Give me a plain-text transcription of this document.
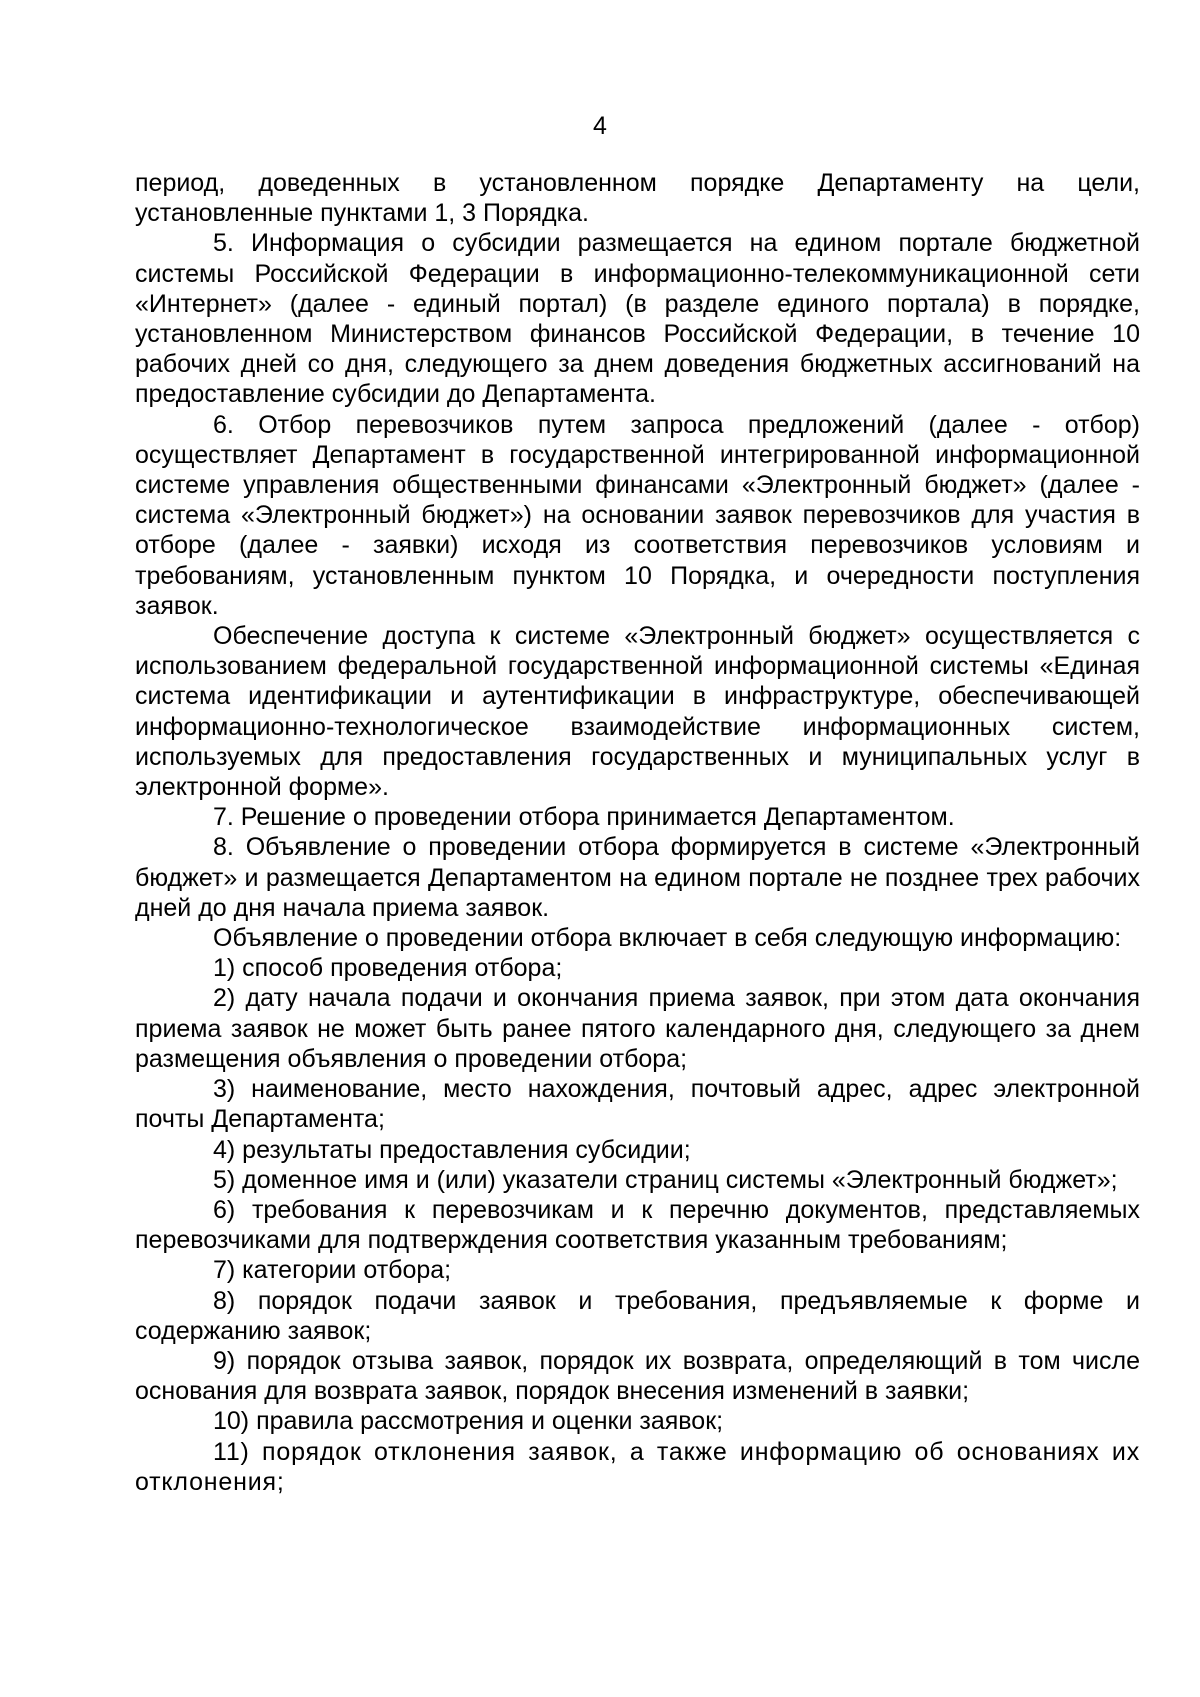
4

период, доведенных в установленном порядке Департаменту на цели, установленные пунктами 1, 3 Порядка.

5. Информация о субсидии размещается на едином портале бюджетной системы Российской Федерации в информационно-телекоммуникационной сети «Интернет» (далее - единый портал) (в разделе единого портала) в порядке, установленном Министерством финансов Российской Федерации, в течение 10 рабочих дней со дня, следующего за днем доведения бюджетных ассигнований на предоставление субсидии до Департамента.

6. Отбор перевозчиков путем запроса предложений (далее - отбор) осуществляет Департамент в государственной интегрированной информационной системе управления общественными финансами «Электронный бюджет» (далее - система «Электронный бюджет») на основании заявок перевозчиков для участия в отборе (далее - заявки) исходя из соответствия перевозчиков условиям и требованиям, установленным пунктом 10 Порядка, и очередности поступления заявок.

Обеспечение доступа к системе «Электронный бюджет» осуществляется с использованием федеральной государственной информационной системы «Единая система идентификации и аутентификации в инфраструктуре, обеспечивающей информационно-технологическое взаимодействие информационных систем, используемых для предоставления государственных и муниципальных услуг в электронной форме».

7. Решение о проведении отбора принимается Департаментом.

8. Объявление о проведении отбора формируется в системе «Электронный бюджет» и размещается Департаментом на едином портале не позднее трех рабочих дней до дня начала приема заявок.

Объявление о проведении отбора включает в себя следующую информацию:

1) способ проведения отбора;

2) дату начала подачи и окончания приема заявок, при этом дата окончания приема заявок не может быть ранее пятого календарного дня, следующего за днем размещения объявления о проведении отбора;

3) наименование, место нахождения, почтовый адрес, адрес электронной почты Департамента;

4) результаты предоставления субсидии;

5) доменное имя и (или) указатели страниц системы «Электронный бюджет»;

6) требования к перевозчикам и к перечню документов, представляемых перевозчиками для подтверждения соответствия указанным требованиям;

7) категории отбора;

8) порядок подачи заявок и требования, предъявляемые к форме и содержанию заявок;

9) порядок отзыва заявок, порядок их возврата, определяющий в том числе основания для возврата заявок, порядок внесения изменений в заявки;

10) правила рассмотрения и оценки заявок;

11) порядок отклонения заявок, а также информацию об основаниях их отклонения;
